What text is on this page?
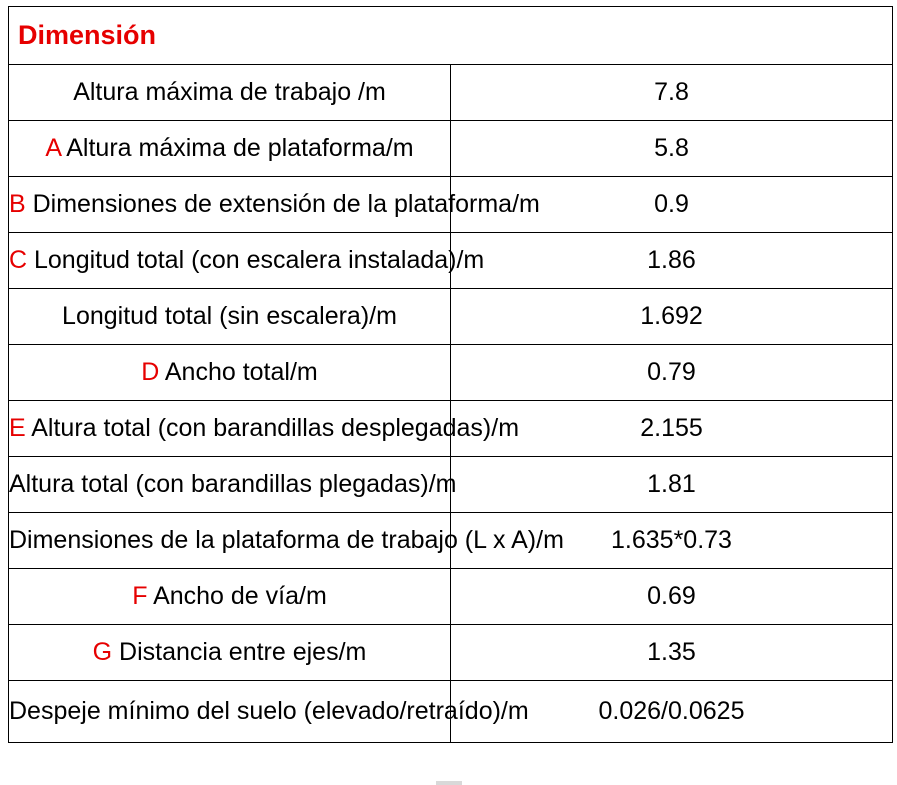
Dimensión	
Altura máxima de trabajo /m	7.8
A Altura máxima de plataforma/m	5.8
B Dimensiones de extensión de la plataforma/m	0.9
C Longitud total (con escalera instalada)/m	1.86
Longitud total (sin escalera)/m	1.692
D Ancho total/m	0.79
E Altura total (con barandillas desplegadas)/m	2.155
Altura total (con barandillas plegadas)/m	1.81
Dimensiones de la plataforma de trabajo (L x A)/m	1.635*0.73
F Ancho de vía/m	0.69
G Distancia entre ejes/m	1.35
Despeje mínimo del suelo (elevado/retraído)/m	0.026/0.0625
